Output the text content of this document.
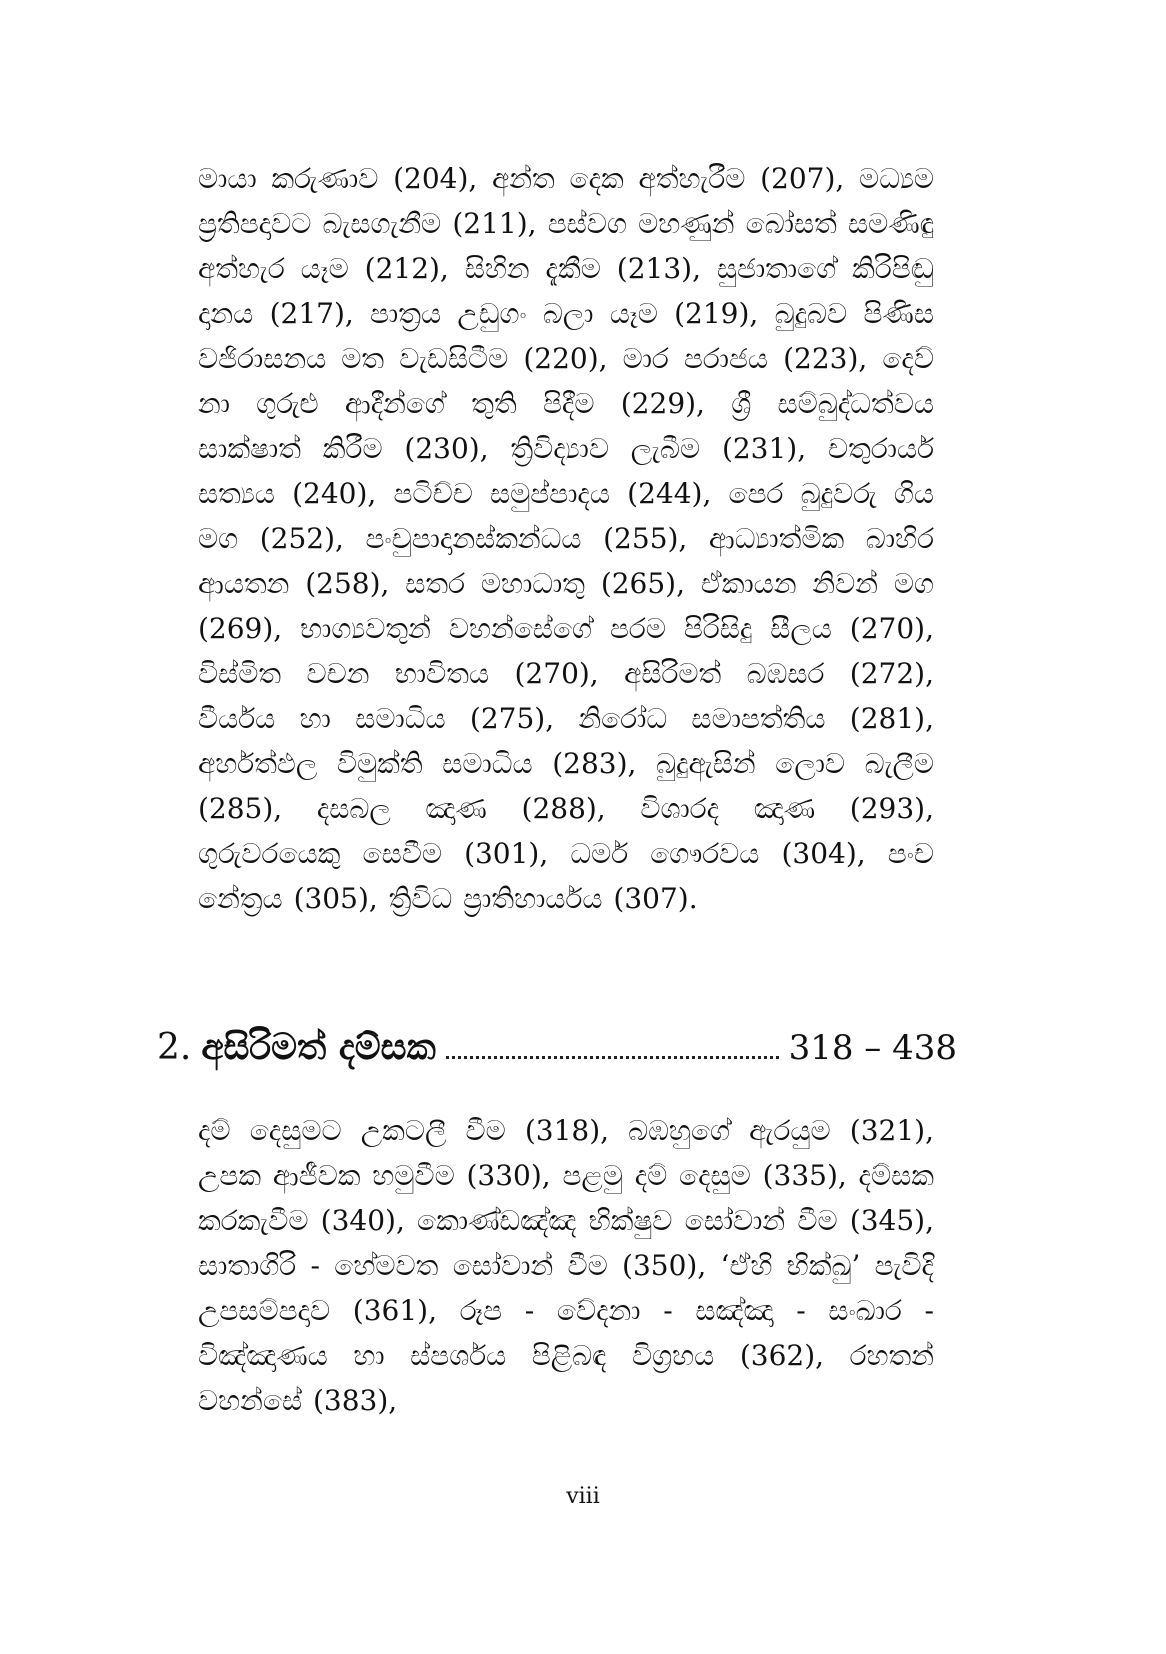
මායා කරුණාව (204), අන්ත දෙක අත්හැරීම (207), මධ්‍යම ප්‍රතිපදාවට බැසගැනීම (211), පස්වග මහණුන් බෝසත් සමණිඳු අත්හැර යෑම (212), සිහින දැකීම (213), සුජාතාගේ කිරිපිඬු දානය (217), පාත්‍රය උඩුගං බලා යෑම (219), බුදුබව පිණිස වජිරාසනය මත වැඩසිටීම (220), මාර පරාජය (223), දෙව් නා ගුරුළු ආදීන්ගේ තුති පිදීම (229), ශ්‍රී සම්බුද්ධත්වය සාක්ෂාත් කිරීම (230), ත්‍රිවිද්‍යාව ලැබීම (231), චතුරාර්ය සත්‍යය (240), පටිච්ච සමුප්පාදය (244), පෙර බුදුවරු ගිය මග (252), පංචුපාදානස්කන්ධය (255), ආධ්‍යාත්මික බාහිර ආයතන (258), සතර මහාධාතු (265), ඒකායන නිවන් මග (269), භාග්‍යවතුන් වහන්සේගේ පරම පිරිසිදු සීලය (270), විස්මිත වචන භාවිතය (270), අසිරිමත් බඹසර (272), වීර්යය හා සමාධිය (275), නිරෝධ සමාපත්තිය (281), අර්හත්ඵල විමුක්ති සමාධිය (283), බුදුඇසින් ලොව බැලීම (285), දසබල ඤාණ (288), විශාරද ඤාණ (293), ගුරුවරයෙකු සෙවීම (301), ධර්ම ගෞරවය (304), පංච නේත්‍රය (305), ත්‍රිවිධ ප්‍රාතිහාර්යය (307).

2. අසිරිමත් දම්සක	318 – 438

දම් දෙසුමට උකටලී වීම (318), බඹහුගේ ඇරයුම (321), උපක ආජීවක හමුවීම (330), පළමු දම් දෙසුම (335), දම්සක කරකැවීම (340), කොණ්ඩඤ්ඤ භික්ෂුව සෝවාන් වීම (345), සාතාගිරි - හේමවත සෝවාන් වීම (350), ‘ඒහි භික්ඛු’ පැවිදි උපසම්පදාව (361), රූප - වේදනා - සඤ්ඤා - සංඛාර - විඤ්ඤාණය හා ස්පර්ශය පිළිබඳ විග්‍රහය (362), රහතන් වහන්සේ (383),

viii
